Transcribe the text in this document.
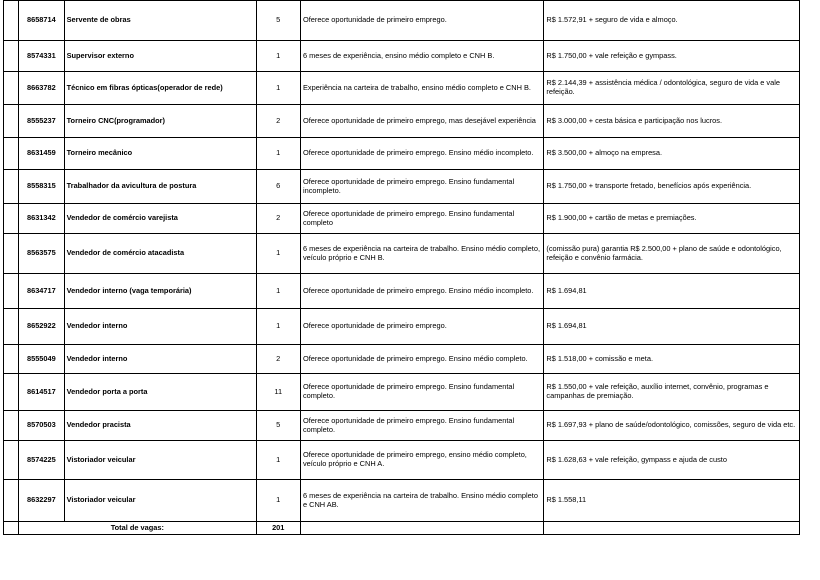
	8658714	Servente de obras	5	Oferece oportunidade de primeiro emprego.	R$ 1.572,91 + seguro de vida e almoço.
	8574331	Supervisor externo	1	6 meses de experiência, ensino médio completo e CNH B.	R$ 1.750,00 + vale refeição e gympass.
	8663782	Técnico em fibras ópticas(operador de rede)	1	Experiência na carteira de trabalho, ensino médio completo e CNH B.	R$ 2.144,39 + assistência médica / odontológica, seguro de vida e vale refeição.
	8555237	Torneiro CNC(programador)	2	Oferece oportunidade de primeiro emprego, mas desejável experiência	R$ 3.000,00 + cesta básica e participação nos lucros.
	8631459	Torneiro mecânico	1	Oferece oportunidade de primeiro emprego. Ensino médio incompleto.	R$ 3.500,00 + almoço na empresa.
	8558315	Trabalhador da avicultura de postura	6	Oferece oportunidade de primeiro emprego. Ensino fundamental incompleto.	R$ 1.750,00 + transporte fretado, benefícios após experiência.
	8631342	Vendedor de comércio varejista	2	Oferece oportunidade de primeiro emprego. Ensino fundamental completo	R$ 1.900,00 + cartão de metas e premiações.
	8563575	Vendedor de comércio atacadista	1	6 meses de experiência na carteira de trabalho. Ensino médio completo, veículo próprio e CNH B.	(comissão pura) garantia R$ 2.500,00 + plano de saúde e odontológico, refeição e convênio farmácia.
	8634717	Vendedor interno (vaga temporária)	1	Oferece oportunidade de primeiro emprego. Ensino médio incompleto.	R$ 1.694,81
	8652922	Vendedor interno	1	Oferece oportunidade de primeiro emprego.	R$ 1.694,81
	8555049	Vendedor interno	2	Oferece oportunidade de primeiro emprego. Ensino médio completo.	R$ 1.518,00 + comissão e meta.
	8614517	Vendedor porta a porta	11	Oferece oportunidade de primeiro emprego. Ensino fundamental completo.	R$ 1.550,00 + vale refeição, auxílio internet, convênio, programas e campanhas de premiação.
	8570503	Vendedor pracista	5	Oferece oportunidade de primeiro emprego. Ensino fundamental completo.	R$ 1.697,93 + plano de saúde/odontológico, comissões, seguro de vida etc.
	8574225	Vistoriador veicular	1	Oferece oportunidade de primeiro emprego, ensino médio completo, veículo próprio e CNH A.	R$ 1.628,63 + vale refeição, gympass e ajuda de custo
	8632297	Vistoriador veicular	1	6 meses de experiência na carteira de trabalho. Ensino médio completo e CNH AB.	R$ 1.558,11
	Total de vagas:		201		
